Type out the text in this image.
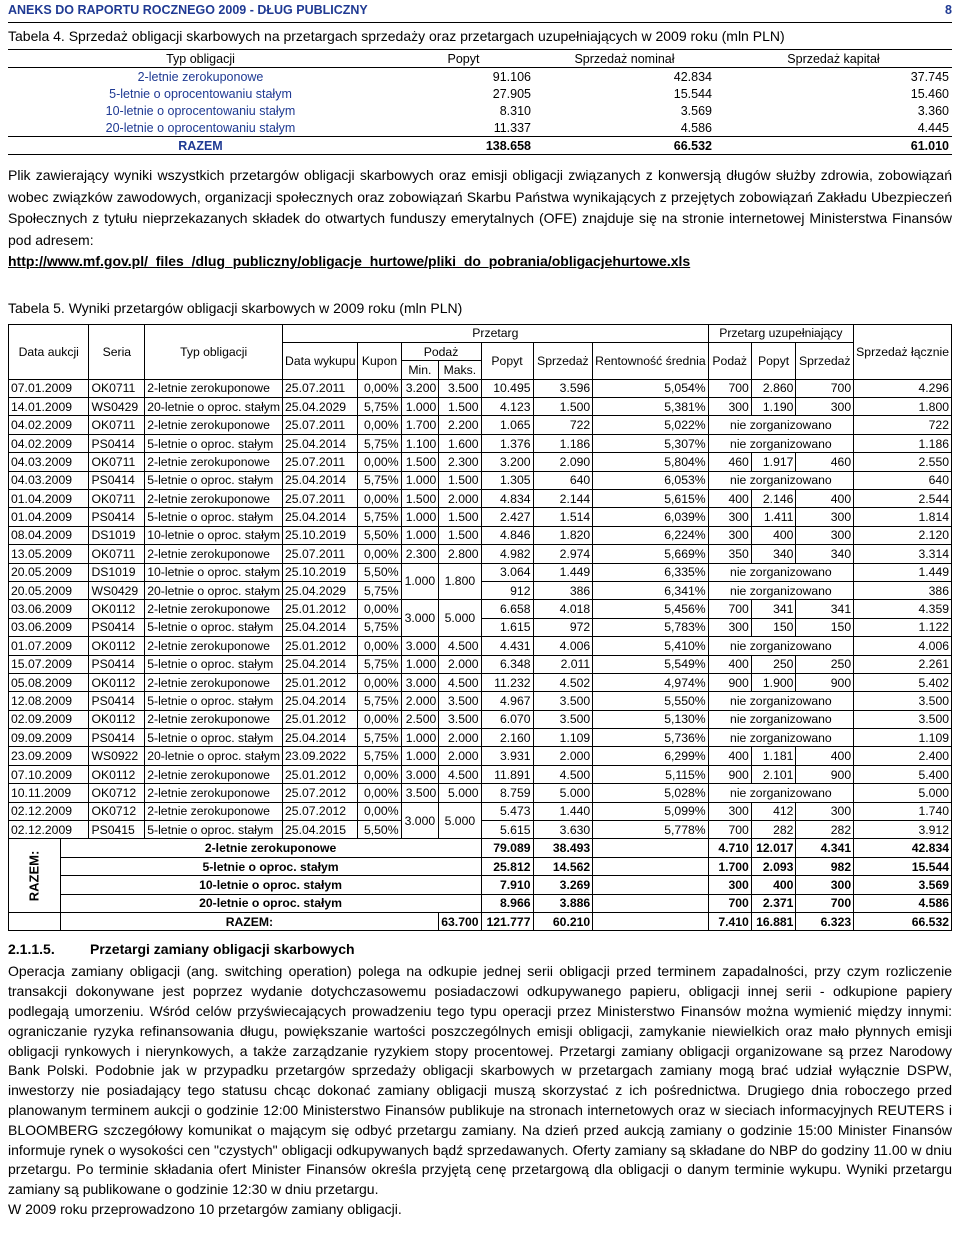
ANEKS DO RAPORTU ROCZNEGO 2009 - DŁUG PUBLICZNY	8
Tabela 4. Sprzedaż obligacji skarbowych na przetargach sprzedaży oraz przetargach uzupełniających w 2009 roku (mln PLN)
Typ obligacji	Popyt	Sprzedaż nominał	Sprzedaż kapitał
2-letnie zerokuponowe	91.106	42.834	37.745
5-letnie o oprocentowaniu stałym	27.905	15.544	15.460
10-letnie o oprocentowaniu stałym	8.310	3.569	3.360
20-letnie o oprocentowaniu stałym	11.337	4.586	4.445
RAZEM	138.658	66.532	61.010
Plik zawierający wyniki wszystkich przetargów obligacji skarbowych oraz emisji obligacji związanych z konwersją długów służby zdrowia, zobowiązań wobec związków zawodowych, organizacji społecznych oraz zobowiązań Skarbu Państwa wynikających z przejętych zobowiązań Zakładu Ubezpieczeń Społecznych z tytułu nieprzekazanych składek do otwartych funduszy emerytalnych (OFE) znajduje się na stronie internetowej Ministerstwa Finansów pod adresem:
http://www.mf.gov.pl/_files_/dlug_publiczny/obligacje_hurtowe/pliki_do_pobrania/obligacjehurtowe.xls
Tabela 5. Wyniki przetargów obligacji skarbowych w 2009 roku (mln PLN)
Data aukcji		Seria	Typ obligacji	Przetarg							Przetarg uzupełniający			Sprzedaż łącznie
				Data wykupu	Kupon	Podaż		Popyt	Sprzedaż	Rentowność średnia	Podaż	Popyt	Sprzedaż	
						Min.	Maks.							
07.01.2009		OK0711	2-letnie zerokuponowe	25.07.2011	0,00%	3.200	3.500	10.495	3.596	5,054%	700	2.860	700	4.296
14.01.2009		WS0429	20-letnie o oproc. stałym	25.04.2029	5,75%	1.000	1.500	4.123	1.500	5,381%	300	1.190	300	1.800
04.02.2009		OK0711	2-letnie zerokuponowe	25.07.2011	0,00%	1.700	2.200	1.065	722	5,022%	nie zorganizowano			722
04.02.2009		PS0414	5-letnie o oproc. stałym	25.04.2014	5,75%	1.100	1.600	1.376	1.186	5,307%	nie zorganizowano			1.186
04.03.2009		OK0711	2-letnie zerokuponowe	25.07.2011	0,00%	1.500	2.300	3.200	2.090	5,804%	460	1.917	460	2.550
04.03.2009		PS0414	5-letnie o oproc. stałym	25.04.2014	5,75%	1.000	1.500	1.305	640	6,053%	nie zorganizowano			640
01.04.2009		OK0711	2-letnie zerokuponowe	25.07.2011	0,00%	1.500	2.000	4.834	2.144	5,615%	400	2.146	400	2.544
01.04.2009		PS0414	5-letnie o oproc. stałym	25.04.2014	5,75%	1.000	1.500	2.427	1.514	6,039%	300	1.411	300	1.814
08.04.2009		DS1019	10-letnie o oproc. stałym	25.10.2019	5,50%	1.000	1.500	4.846	1.820	6,224%	300	400	300	2.120
13.05.2009		OK0711	2-letnie zerokuponowe	25.07.2011	0,00%	2.300	2.800	4.982	2.974	5,669%	350	340	340	3.314
20.05.2009		DS1019	10-letnie o oproc. stałym	25.10.2019	5,50%	1.000	1.800	3.064	1.449	6,335%	nie zorganizowano			1.449
20.05.2009		WS0429	20-letnie o oproc. stałym	25.04.2029	5,75%			912	386	6,341%	nie zorganizowano			386
03.06.2009		OK0112	2-letnie zerokuponowe	25.01.2012	0,00%	3.000	5.000	6.658	4.018	5,456%	700	341	341	4.359
03.06.2009		PS0414	5-letnie o oproc. stałym	25.04.2014	5,75%			1.615	972	5,783%	300	150	150	1.122
01.07.2009		OK0112	2-letnie zerokuponowe	25.01.2012	0,00%	3.000	4.500	4.431	4.006	5,410%	nie zorganizowano			4.006
15.07.2009		PS0414	5-letnie o oproc. stałym	25.04.2014	5,75%	1.000	2.000	6.348	2.011	5,549%	400	250	250	2.261
05.08.2009		OK0112	2-letnie zerokuponowe	25.01.2012	0,00%	3.000	4.500	11.232	4.502	4,974%	900	1.900	900	5.402
12.08.2009		PS0414	5-letnie o oproc. stałym	25.04.2014	5,75%	2.000	3.500	4.967	3.500	5,550%	nie zorganizowano			3.500
02.09.2009		OK0112	2-letnie zerokuponowe	25.01.2012	0,00%	2.500	3.500	6.070	3.500	5,130%	nie zorganizowano			3.500
09.09.2009		PS0414	5-letnie o oproc. stałym	25.04.2014	5,75%	1.000	2.000	2.160	1.109	5,736%	nie zorganizowano			1.109
23.09.2009		WS0922	20-letnie o oproc. stałym	23.09.2022	5,75%	1.000	2.000	3.931	2.000	6,299%	400	1.181	400	2.400
07.10.2009		OK0112	2-letnie zerokuponowe	25.01.2012	0,00%	3.000	4.500	11.891	4.500	5,115%	900	2.101	900	5.400
10.11.2009		OK0712	2-letnie zerokuponowe	25.07.2012	0,00%	3.500	5.000	8.759	5.000	5,028%	nie zorganizowano			5.000
02.12.2009		OK0712	2-letnie zerokuponowe	25.07.2012	0,00%	3.000	5.000	5.473	1.440	5,099%	300	412	300	1.740
02.12.2009		PS0415	5-letnie o oproc. stałym	25.04.2015	5,50%			5.615	3.630	5,778%	700	282	282	3.912
RAZEM:	2-letnie zerokuponowe							79.089	38.493		4.710	12.017	4.341	42.834
	5-letnie o oproc. stałym							25.812	14.562		1.700	2.093	982	15.544
	10-letnie o oproc. stałym							7.910	3.269		300	400	300	3.569
	20-letnie o oproc. stałym							8.966	3.886		700	2.371	700	4.586
	RAZEM:						63.700	121.777	60.210		7.410	16.881	6.323	66.532
2.1.1.5.	Przetargi zamiany obligacji skarbowych
Operacja zamiany obligacji (ang. switching operation) polega na odkupie jednej serii obligacji przed terminem zapadalności, przy czym rozliczenie transakcji dokonywane jest poprzez wydanie dotychczasowemu posiadaczowi odkupywanego papieru, obligacji innej serii - odkupione papiery podlegają umorzeniu. Wśród celów przyświecających prowadzeniu tego typu operacji przez Ministerstwo Finansów można wymienić między innymi: ograniczanie ryzyka refinansowania długu, powiększanie wartości poszczególnych emisji obligacji, zamykanie niewielkich oraz mało płynnych emisji obligacji rynkowych i nierynkowych, a także zarządzanie ryzykiem stopy procentowej. Przetargi zamiany obligacji organizowane są przez Narodowy Bank Polski. Podobnie jak w przypadku przetargów sprzedaży obligacji skarbowych w przetargach zamiany mogą brać udział wyłącznie DSPW, inwestorzy nie posiadający tego statusu chcąc dokonać zamiany obligacji muszą skorzystać z ich pośrednictwa. Drugiego dnia roboczego przed planowanym terminem aukcji o godzinie 12:00 Ministerstwo Finansów publikuje na stronach internetowych oraz w sieciach informacyjnych REUTERS i BLOOMBERG szczegółowy komunikat o mającym się odbyć przetargu zamiany. Na dzień przed aukcją zamiany o godzinie 15:00 Minister Finansów informuje rynek o wysokości cen "czystych" obligacji odkupywanych bądź sprzedawanych. Oferty zamiany są składane do NBP do godziny 11.00 w dniu przetargu. Po terminie składania ofert Minister Finansów określa przyjętą cenę przetargową dla obligacji o danym terminie wykupu. Wyniki przetargu zamiany są publikowane o godzinie 12:30 w dniu przetargu.
W 2009 roku przeprowadzono 10 przetargów zamiany obligacji.
